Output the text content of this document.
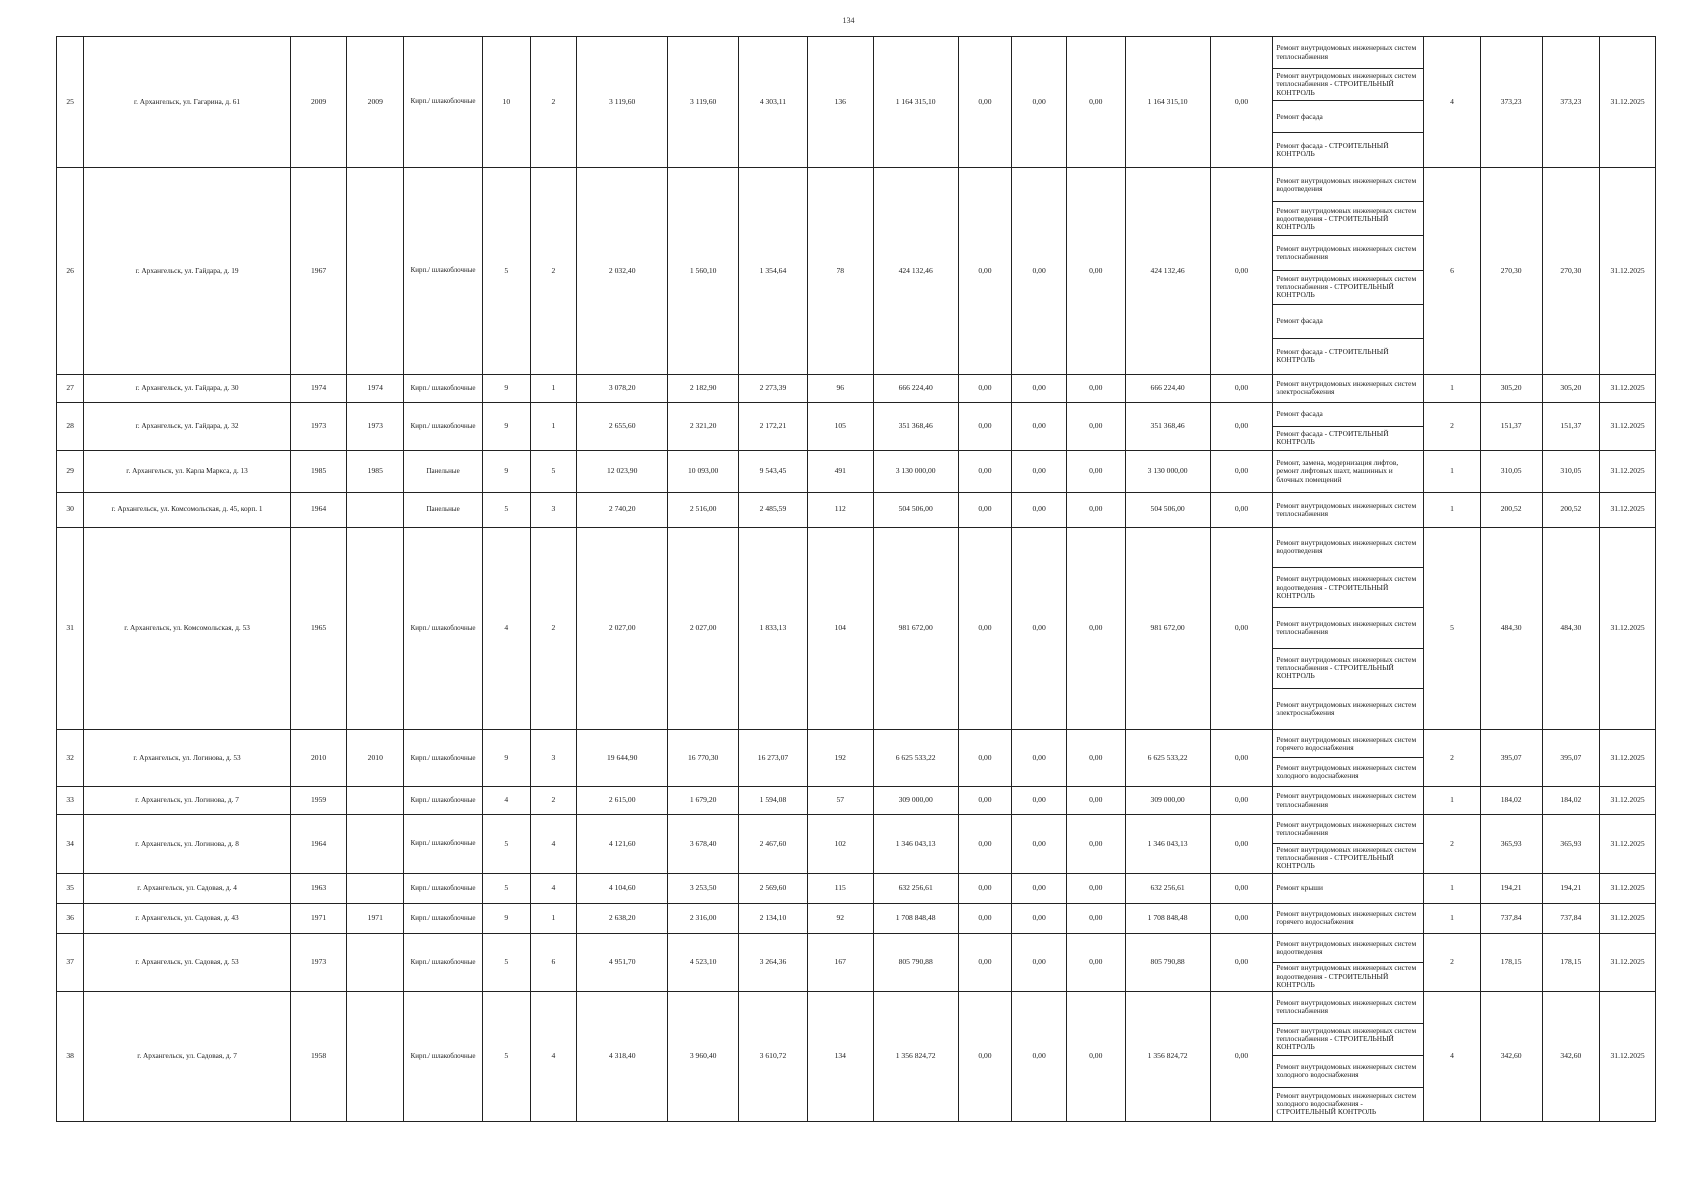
134
25	г. Архангельск, ул. Гагарина, д. 61	2009	2009	Кирп./ шлакоблочные	10	2	3 119,60	3 119,60	4 303,11	136	1 164 315,10	0,00	0,00	0,00	1 164 315,10	0,00	Ремонт внутридомовых инженерных систем теплоснабжения	4	373,23	373,23	31.12.2025
																	Ремонт внутридомовых инженерных систем теплоснабжения - СТРОИТЕЛЬНЫЙ КОНТРОЛЬ				
																	Ремонт фасада				
																	Ремонт фасада - СТРОИТЕЛЬНЫЙ КОНТРОЛЬ				
26	г. Архангельск, ул. Гайдара, д. 19	1967		Кирп./ шлакоблочные	5	2	2 032,40	1 560,10	1 354,64	78	424 132,46	0,00	0,00	0,00	424 132,46	0,00	Ремонт внутридомовых инженерных систем водоотведения	6	270,30	270,30	31.12.2025
																	Ремонт внутридомовых инженерных систем водоотведения - СТРОИТЕЛЬНЫЙ КОНТРОЛЬ				
																	Ремонт внутридомовых инженерных систем теплоснабжения				
																	Ремонт внутридомовых инженерных систем теплоснабжения - СТРОИТЕЛЬНЫЙ КОНТРОЛЬ				
																	Ремонт фасада				
																	Ремонт фасада - СТРОИТЕЛЬНЫЙ КОНТРОЛЬ				
27	г. Архангельск, ул. Гайдара, д. 30	1974	1974	Кирп./ шлакоблочные	9	1	3 078,20	2 182,90	2 273,39	96	666 224,40	0,00	0,00	0,00	666 224,40	0,00	Ремонт внутридомовых инженерных систем электроснабжения	1	305,20	305,20	31.12.2025
28	г. Архангельск, ул. Гайдара, д. 32	1973	1973	Кирп./ шлакоблочные	9	1	2 655,60	2 321,20	2 172,21	105	351 368,46	0,00	0,00	0,00	351 368,46	0,00	Ремонт фасада	2	151,37	151,37	31.12.2025
																	Ремонт фасада - СТРОИТЕЛЬНЫЙ КОНТРОЛЬ				
29	г. Архангельск, ул. Карла Маркса, д. 13	1985	1985	Панельные	9	5	12 023,90	10 093,00	9 543,45	491	3 130 000,00	0,00	0,00	0,00	3 130 000,00	0,00	Ремонт, замена, модернизация лифтов, ремонт лифтовых шахт, машинных и блочных помещений	1	310,05	310,05	31.12.2025
30	г. Архангельск, ул. Комсомольская, д. 45, корп. 1	1964		Панельные	5	3	2 740,20	2 516,00	2 485,59	112	504 506,00	0,00	0,00	0,00	504 506,00	0,00	Ремонт внутридомовых инженерных систем теплоснабжения	1	200,52	200,52	31.12.2025
31	г. Архангельск, ул. Комсомольская, д. 53	1965		Кирп./ шлакоблочные	4	2	2 027,00	2 027,00	1 833,13	104	981 672,00	0,00	0,00	0,00	981 672,00	0,00	Ремонт внутридомовых инженерных систем водоотведения	5	484,30	484,30	31.12.2025
																	Ремонт внутридомовых инженерных систем водоотведения - СТРОИТЕЛЬНЫЙ КОНТРОЛЬ				
																	Ремонт внутридомовых инженерных систем теплоснабжения				
																	Ремонт внутридомовых инженерных систем теплоснабжения - СТРОИТЕЛЬНЫЙ КОНТРОЛЬ				
																	Ремонт внутридомовых инженерных систем электроснабжения				
32	г. Архангельск, ул. Логинова, д. 53	2010	2010	Кирп./ шлакоблочные	9	3	19 644,90	16 770,30	16 273,07	192	6 625 533,22	0,00	0,00	0,00	6 625 533,22	0,00	Ремонт внутридомовых инженерных систем горячего водоснабжения	2	395,07	395,07	31.12.2025
																	Ремонт внутридомовых инженерных систем холодного водоснабжения				
33	г. Архангельск, ул. Логинова, д. 7	1959		Кирп./ шлакоблочные	4	2	2 615,00	1 679,20	1 594,08	57	309 000,00	0,00	0,00	0,00	309 000,00	0,00	Ремонт внутридомовых инженерных систем теплоснабжения	1	184,02	184,02	31.12.2025
34	г. Архангельск, ул. Логинова, д. 8	1964		Кирп./ шлакоблочные	5	4	4 121,60	3 678,40	2 467,60	102	1 346 043,13	0,00	0,00	0,00	1 346 043,13	0,00	Ремонт внутридомовых инженерных систем теплоснабжения	2	365,93	365,93	31.12.2025
																	Ремонт внутридомовых инженерных систем теплоснабжения - СТРОИТЕЛЬНЫЙ КОНТРОЛЬ				
35	г. Архангельск, ул. Садовая, д. 4	1963		Кирп./ шлакоблочные	5	4	4 104,60	3 253,50	2 569,60	115	632 256,61	0,00	0,00	0,00	632 256,61	0,00	Ремонт крыши	1	194,21	194,21	31.12.2025
36	г. Архангельск, ул. Садовая, д. 43	1971	1971	Кирп./ шлакоблочные	9	1	2 638,20	2 316,00	2 134,10	92	1 708 848,48	0,00	0,00	0,00	1 708 848,48	0,00	Ремонт внутридомовых инженерных систем горячего водоснабжения	1	737,84	737,84	31.12.2025
37	г. Архангельск, ул. Садовая, д. 53	1973		Кирп./ шлакоблочные	5	6	4 951,70	4 523,10	3 264,36	167	805 790,88	0,00	0,00	0,00	805 790,88	0,00	Ремонт внутридомовых инженерных систем водоотведения	2	178,15	178,15	31.12.2025
																	Ремонт внутридомовых инженерных систем водоотведения - СТРОИТЕЛЬНЫЙ КОНТРОЛЬ				
38	г. Архангельск, ул. Садовая, д. 7	1958		Кирп./ шлакоблочные	5	4	4 318,40	3 960,40	3 610,72	134	1 356 824,72	0,00	0,00	0,00	1 356 824,72	0,00	Ремонт внутридомовых инженерных систем теплоснабжения	4	342,60	342,60	31.12.2025
																	Ремонт внутридомовых инженерных систем теплоснабжения - СТРОИТЕЛЬНЫЙ КОНТРОЛЬ				
																	Ремонт внутридомовых инженерных систем холодного водоснабжения				
																	Ремонт внутридомовых инженерных систем холодного водоснабжения - СТРОИТЕЛЬНЫЙ КОНТРОЛЬ				
